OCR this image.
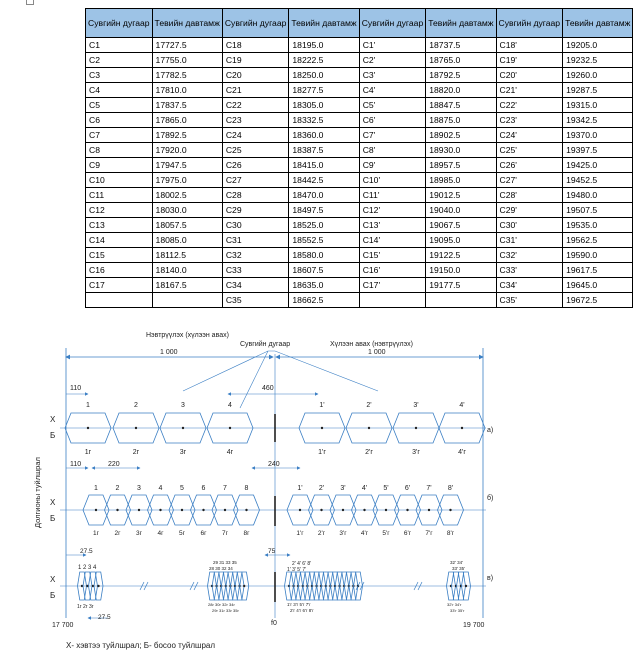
Сувгийн дугаар	Тевийн давтамж	Сувгийн дугаар	Тевийн давтамж	Сувгийн дугаар	Тевийн давтамж	Сувгийн дугаар	Тевийн давтамж
C1	17727.5	C18	18195.0	C1'	18737.5	C18'	19205.0
C2	17755.0	C19	18222.5	C2'	18765.0	C19'	19232.5
C3	17782.5	C20	18250.0	C3'	18792.5	C20'	19260.0
C4	17810.0	C21	18277.5	C4'	18820.0	C21'	19287.5
C5	17837.5	C22	18305.0	C5'	18847.5	C22'	19315.0
C6	17865.0	C23	18332.5	C6'	18875.0	C23'	19342.5
C7	17892.5	C24	18360.0	C7'	18902.5	C24'	19370.0
C8	17920.0	C25	18387.5	C8'	18930.0	C25'	19397.5
C9	17947.5	C26	18415.0	C9'	18957.5	C26'	19425.0
C10	17975.0	C27	18442.5	C10'	18985.0	C27'	19452.5
C11	18002.5	C28	18470.0	C11'	19012.5	C28'	19480.0
C12	18030.0	C29	18497.5	C12'	19040.0	C29'	19507.5
C13	18057.5	C30	18525.0	C13'	19067.5	C30'	19535.0
C14	18085.0	C31	18552.5	C14'	19095.0	C31'	19562.5
C15	18112.5	C32	18580.0	C15'	19122.5	C32'	19590.0
C16	18140.0	C33	18607.5	C16'	19150.0	C33'	19617.5
C17	18167.5	C34	18635.0	C17'	19177.5	C34'	19645.0
		C35	18662.5			C35'	19672.5
Нэвтрүүлэх (хүлээн авах)
Сувгийн дугаар	Хүлээн авах (нэвтрүүлэх)
1 000	1 000
Долгионы туйлшрал
110	460
Х
Б
1
1г
2
2г
3
3г
4
4г
1'
1'г
2'
2'г
3'
3'г
4'
4'г
а)
110	220	240
Х
Б
1	1'
1г	1'г
2	2'
2г	2'г
3	3'
3г	3'г
4	4'
4г	4'г
5	5'
5г	5'г
6	6'
6г	6'г
7	7'
7г	7'г
8	8'
8г	8'г
б)
27.5	75
Х
Б
1 2 3 4
29 31 33 35
28 30 32 34
2' 4' 6' 8'
1' 3' 5' 7'
32' 34'
33' 35'
1г 2г 3г	28г 30г 32г 34г
29г 31г 33г 35г
1'г 3'г 5'г 7'г
2'г 4'г 6'г 8'г
32'г 34'г
33'г 35'г
27.5
в)
17 700	f0	19 700
Х- хэвтээ туйлшрал; Б- босоо туйлшрал
